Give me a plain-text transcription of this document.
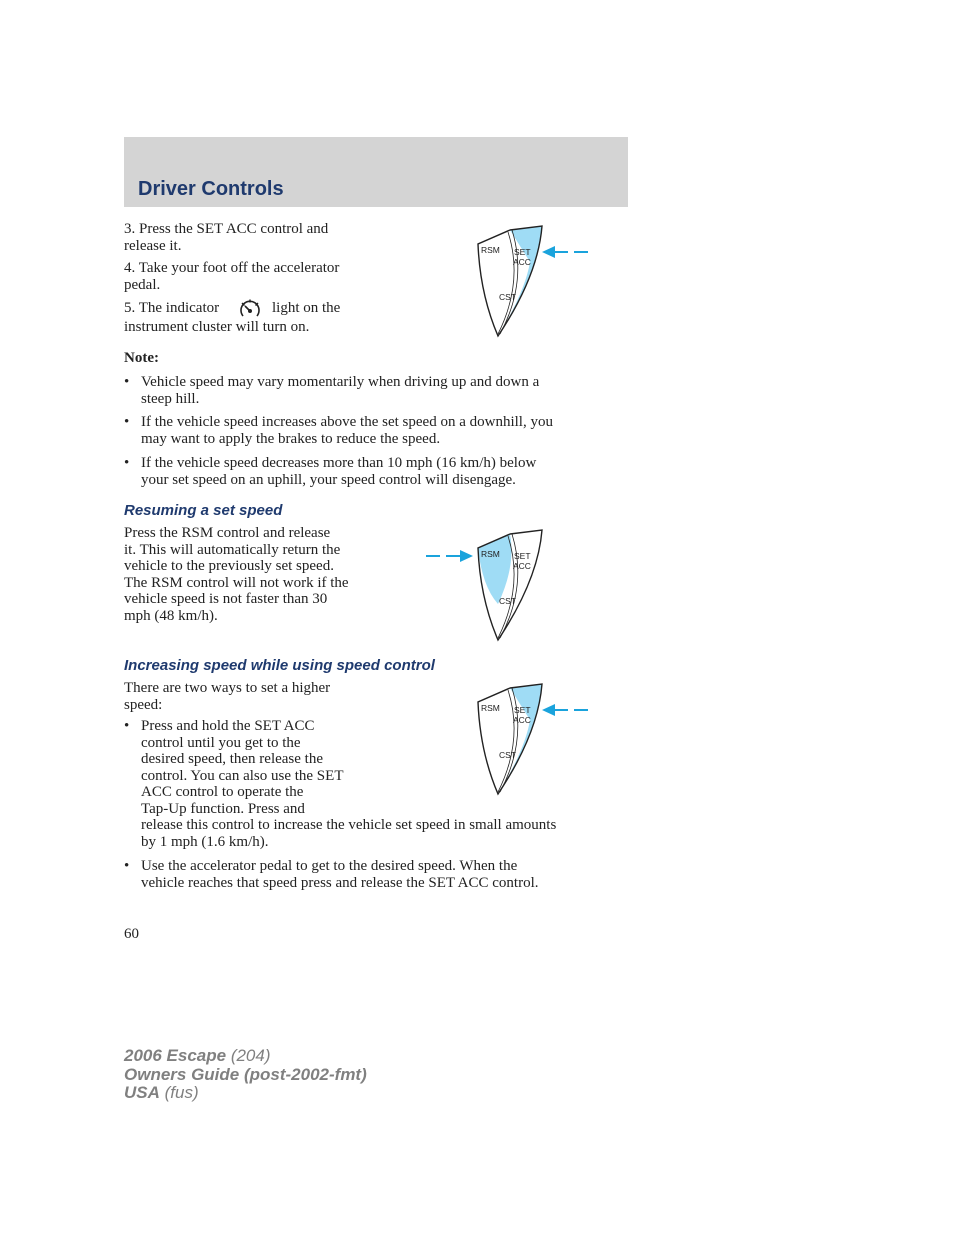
Driver Controls
3. Press the SET ACC control and
release it.
4. Take your foot off the accelerator
pedal.
5. The indicator	light on the
instrument cluster will turn on.
RSM SET
ACC
CST
Note:
• Vehicle speed may vary momentarily when driving up and down a
steep hill.
• If the vehicle speed increases above the set speed on a downhill, you
may want to apply the brakes to reduce the speed.
• If the vehicle speed decreases more than 10 mph (16 km/h) below
your set speed on an uphill, your speed control will disengage.
Resuming a set speed
Press the RSM control and release
it. This will automatically return the
vehicle to the previously set speed.
The RSM control will not work if the
vehicle speed is not faster than 30
mph (48 km/h).
RSM SET
ACC
CST
Increasing speed while using speed control
There are two ways to set a higher
speed:
• Press and hold the SET ACC
control until you get to the
desired speed, then release the
control. You can also use the SET
ACC control to operate the
Tap-Up function. Press and
release this control to increase the vehicle set speed in small amounts
by 1 mph (1.6 km/h).
• Use the accelerator pedal to get to the desired speed. When the
vehicle reaches that speed press and release the SET ACC control.
RSM SET
ACC
CST
60
2006 Escape (204)
Owners Guide (post-2002-fmt)
USA (fus)
